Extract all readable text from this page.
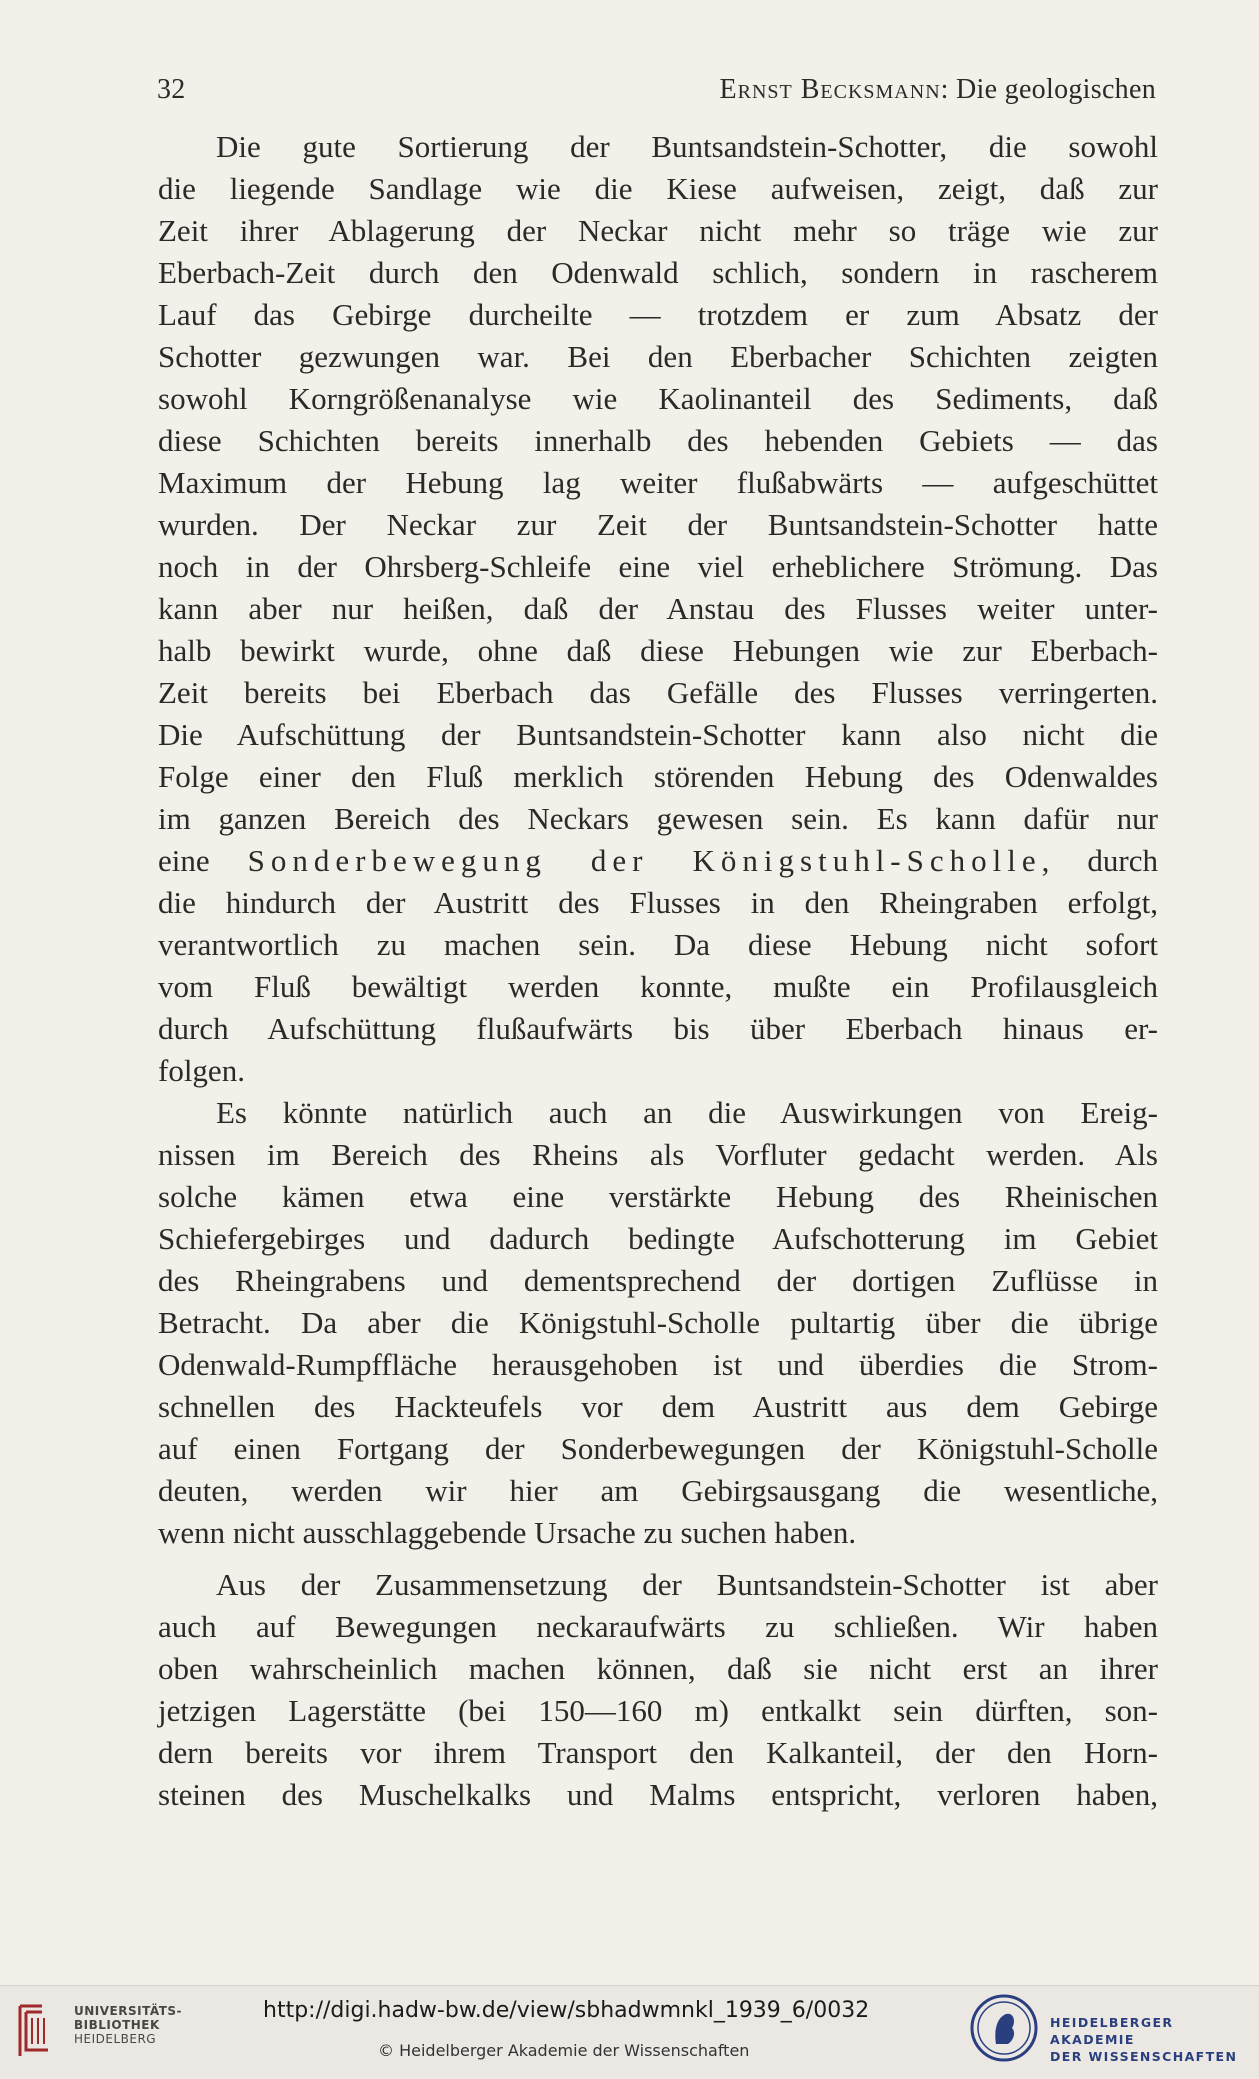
32	Ernst Becksmann: Die geologischen
Die gute Sortierung der Buntsandstein-Schotter, die sowohl
die liegende Sandlage wie die Kiese aufweisen, zeigt, daß zur
Zeit ihrer Ablagerung der Neckar nicht mehr so träge wie zur
Eberbach-Zeit durch den Odenwald schlich, sondern in rascherem
Lauf das Gebirge durcheilte — trotzdem er zum Absatz der
Schotter gezwungen war. Bei den Eberbacher Schichten zeigten
sowohl Korngrößenanalyse wie Kaolinanteil des Sediments, daß
diese Schichten bereits innerhalb des hebenden Gebiets — das
Maximum der Hebung lag weiter flußabwärts — aufgeschüttet
wurden. Der Neckar zur Zeit der Buntsandstein-Schotter hatte
noch in der Ohrsberg-Schleife eine viel erheblichere Strömung. Das
kann aber nur heißen, daß der Anstau des Flusses weiter unter-
halb bewirkt wurde, ohne daß diese Hebungen wie zur Eberbach-
Zeit bereits bei Eberbach das Gefälle des Flusses verringerten.
Die Aufschüttung der Buntsandstein-Schotter kann also nicht die
Folge einer den Fluß merklich störenden Hebung des Odenwaldes
im ganzen Bereich des Neckars gewesen sein. Es kann dafür nur
eine Sonderbewegung der Königstuhl-Scholle, durch
die hindurch der Austritt des Flusses in den Rheingraben erfolgt,
verantwortlich zu machen sein. Da diese Hebung nicht sofort
vom Fluß bewältigt werden konnte, mußte ein Profilausgleich
durch Aufschüttung flußaufwärts bis über Eberbach hinaus er-
folgen.
Es könnte natürlich auch an die Auswirkungen von Ereig-
nissen im Bereich des Rheins als Vorfluter gedacht werden. Als
solche kämen etwa eine verstärkte Hebung des Rheinischen
Schiefergebirges und dadurch bedingte Aufschotterung im Gebiet
des Rheingrabens und dementsprechend der dortigen Zuflüsse in
Betracht. Da aber die Königstuhl-Scholle pultartig über die übrige
Odenwald-Rumpffläche herausgehoben ist und überdies die Strom-
schnellen des Hackteufels vor dem Austritt aus dem Gebirge
auf einen Fortgang der Sonderbewegungen der Königstuhl-Scholle
deuten, werden wir hier am Gebirgsausgang die wesentliche,
wenn nicht ausschlaggebende Ursache zu suchen haben.
Aus der Zusammensetzung der Buntsandstein-Schotter ist aber
auch auf Bewegungen neckaraufwärts zu schließen. Wir haben
oben wahrscheinlich machen können, daß sie nicht erst an ihrer
jetzigen Lagerstätte (bei 150—160 m) entkalkt sein dürften, son-
dern bereits vor ihrem Transport den Kalkanteil, der den Horn-
steinen des Muschelkalks und Malms entspricht, verloren haben,
UNIVERSITÄTS-
BIBLIOTHEK
HEIDELBERG
http://digi.hadw-bw.de/view/sbhadwmnkl_1939_6/0032
© Heidelberger Akademie der Wissenschaften
HEIDELBERGER AKADEMIE
DER WISSENSCHAFTEN
